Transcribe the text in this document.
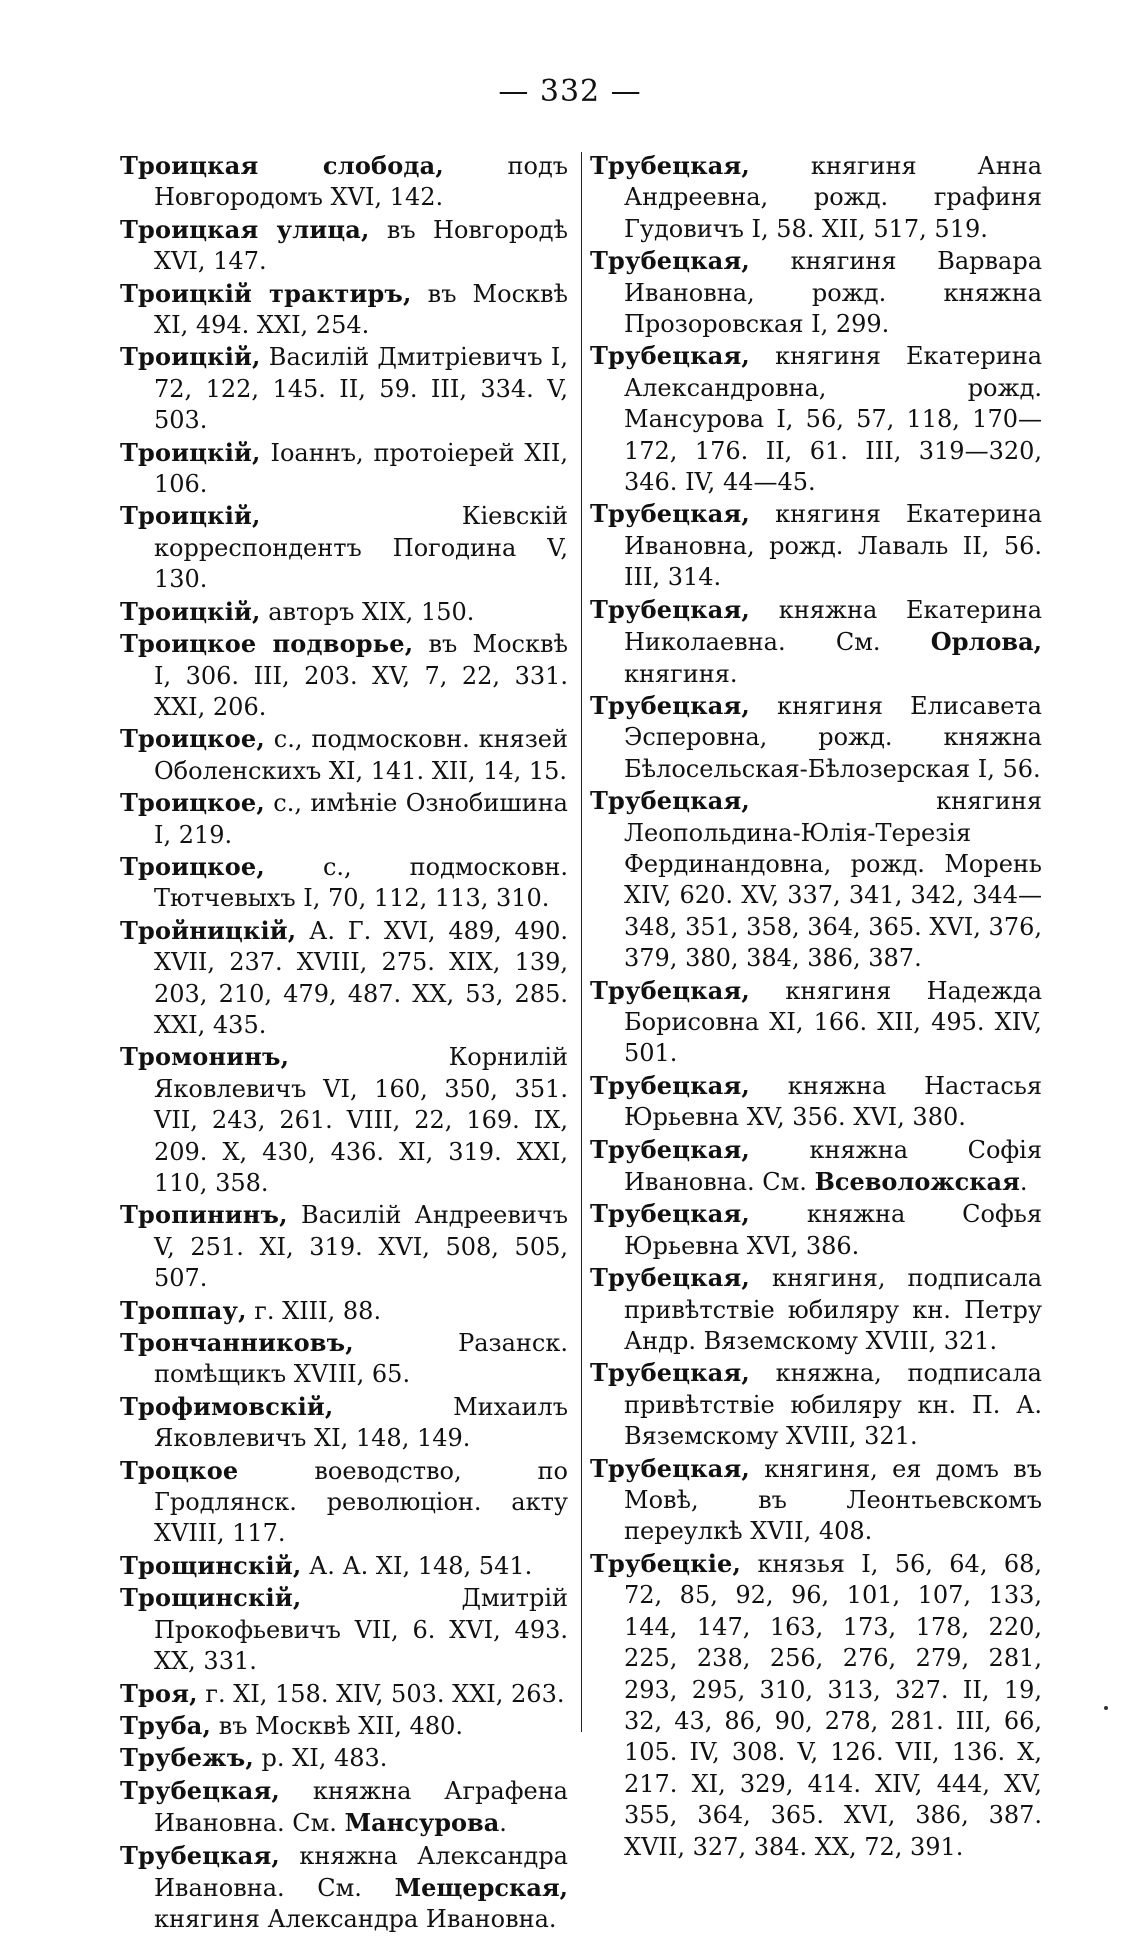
— 332 —

Троицкая слобода, подъ Новгородомъ XVI, 142.

Троицкая улица, въ Новгородѣ XVI, 147.

Троицкій трактиръ, въ Москвѣ XI, 494. XXI, 254.

Троицкій, Василій Дмитріевичъ I, 72, 122, 145. II, 59. III, 334. V, 503.

Троицкій, Іоаннъ, протоіерей XII, 106.

Троицкій, Кіевскій корреспондентъ Погодина V, 130.

Троицкій, авторъ XIX, 150.

Троицкое подворье, въ Москвѣ I, 306. III, 203. XV, 7, 22, 331. XXI, 206.

Троицкое, с., подмосковн. князей Оболенскихъ XI, 141. XII, 14, 15.

Троицкое, с., имѣніе Ознобишина I, 219.

Троицкое, с., подмосковн. Тютчевыхъ I, 70, 112, 113, 310.

Тройницкій, А. Г. XVI, 489, 490. XVII, 237. XVIII, 275. XIX, 139, 203, 210, 479, 487. XX, 53, 285. XXI, 435.

Тромонинъ, Корнилій Яковлевичъ VI, 160, 350, 351. VII, 243, 261. VIII, 22, 169. IX, 209. X, 430, 436. XI, 319. XXI, 110, 358.

Тропининъ, Василій Андреевичъ V, 251. XI, 319. XVI, 508, 505, 507.

Троппау, г. XIII, 88.

Трончанниковъ, Разанск. помѣщикъ XVIII, 65.

Трофимовскій, Михаилъ Яковлевичъ XI, 148, 149.

Троцкое воеводство, по Гродлянск. революціон. акту XVIII, 117.

Трощинскій, А. А. XI, 148, 541.

Трощинскій, Дмитрій Прокофьевичъ VII, 6. XVI, 493. XX, 331.

Троя, г. XI, 158. XIV, 503. XXI, 263.

Труба, въ Москвѣ XII, 480.

Трубежъ, р. XI, 483.

Трубецкая, княжна Аграфена Ивановна. См. Мансурова.

Трубецкая, княжна Александра Ивановна. См. Мещерская, княгиня Александра Ивановна.

Трубецкая, княгиня Анна Андреевна, рожд. графиня Гудовичъ I, 58. XII, 517, 519.

Трубецкая, княгиня Варвара Ивановна, рожд. княжна Прозоровская I, 299.

Трубецкая, княгиня Екатерина Александровна, рожд. Мансурова I, 56, 57, 118, 170—172, 176. II, 61. III, 319—320, 346. IV, 44—45.

Трубецкая, княгиня Екатерина Ивановна, рожд. Лаваль II, 56. III, 314.

Трубецкая, княжна Екатерина Николаевна. См. Орлова, княгиня.

Трубецкая, княгиня Елисавета Эсперовна, рожд. княжна Бѣлосельская-Бѣлозерская I, 56.

Трубецкая, княгиня Леопольдина-Юлія-Терезія Фердинандовна, рожд. Морень XIV, 620. XV, 337, 341, 342, 344—348, 351, 358, 364, 365. XVI, 376, 379, 380, 384, 386, 387.

Трубецкая, княгиня Надежда Борисовна XI, 166. XII, 495. XIV, 501.

Трубецкая, княжна Настасья Юрьевна XV, 356. XVI, 380.

Трубецкая, княжна Софія Ивановна. См. Всеволожская.

Трубецкая, княжна Софья Юрьевна XVI, 386.

Трубецкая, княгиня, подписала привѣтствіе юбиляру кн. Петру Андр. Вяземскому XVIII, 321.

Трубецкая, княжна, подписала привѣтствіе юбиляру кн. П. А. Вяземскому XVIII, 321.

Трубецкая, княгиня, ея домъ въ Мовѣ, въ Леонтьевскомъ переулкѣ XVII, 408.

Трубецкіе, князья I, 56, 64, 68, 72, 85, 92, 96, 101, 107, 133, 144, 147, 163, 173, 178, 220, 225, 238, 256, 276, 279, 281, 293, 295, 310, 313, 327. II, 19, 32, 43, 86, 90, 278, 281. III, 66, 105. IV, 308. V, 126. VII, 136. X, 217. XI, 329, 414. XIV, 444, XV, 355, 364, 365. XVI, 386, 387. XVII, 327, 384. XX, 72, 391.
